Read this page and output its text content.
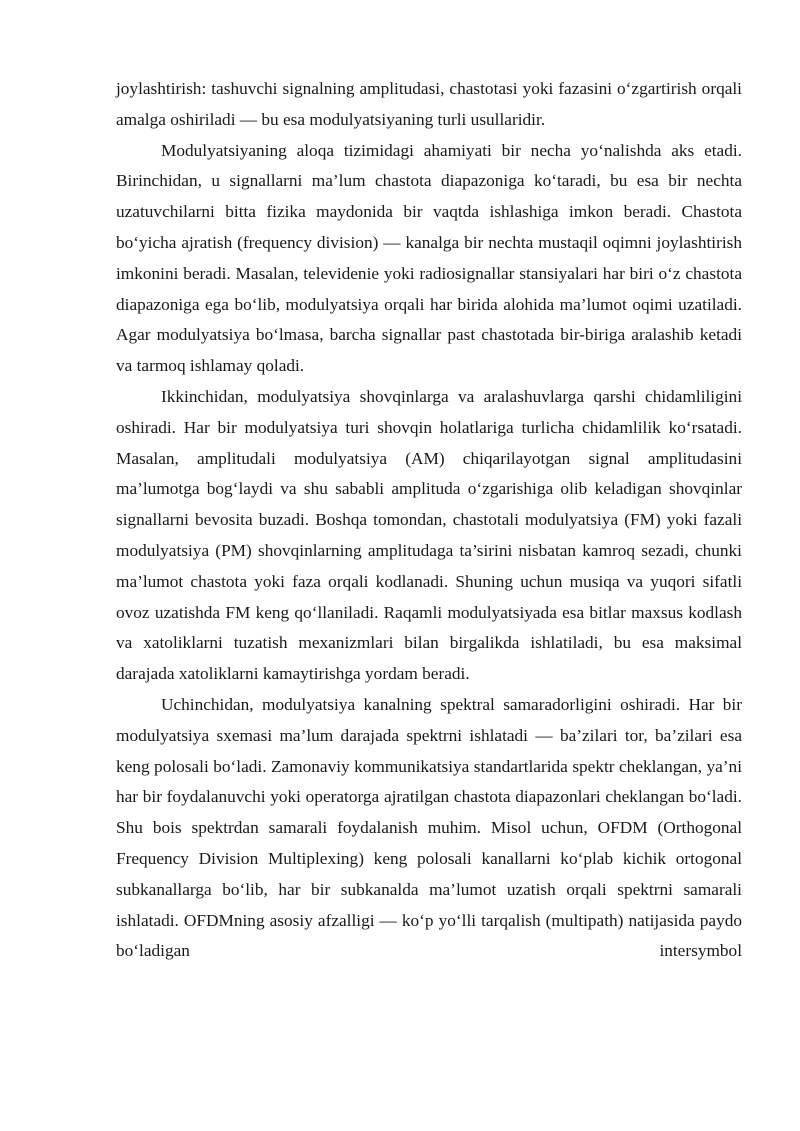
joylashtirish: tashuvchi signalning amplitudasi, chastotasi yoki fazasini o‘zgartirish orqali amalga oshiriladi — bu esa modulyatsiyaning turli usullaridir.

Modulyatsiyaning aloqa tizimidagi ahamiyati bir necha yo‘nalishda aks etadi. Birinchidan, u signallarni ma’lum chastota diapazoniga ko‘taradi, bu esa bir nechta uzatuvchilarni bitta fizika maydonida bir vaqtda ishlashiga imkon beradi. Chastota bo‘yicha ajratish (frequency division) — kanalga bir nechta mustaqil oqimni joylashtirish imkonini beradi. Masalan, televidenie yoki radiosignallar stansiyalari har biri o‘z chastota diapazoniga ega bo‘lib, modulyatsiya orqali har birida alohida ma’lumot oqimi uzatiladi. Agar modulyatsiya bo‘lmasa, barcha signallar past chastotada bir-biriga aralashib ketadi va tarmoq ishlamay qoladi.

Ikkinchidan, modulyatsiya shovqinlarga va aralashuvlarga qarshi chidamliligini oshiradi. Har bir modulyatsiya turi shovqin holatlariga turlicha chidamlilik ko‘rsatadi. Masalan, amplitudali modulyatsiya (AM) chiqarilayotgan signal amplitudasini ma’lumotga bog‘laydi va shu sababli amplituda o‘zgarishiga olib keladigan shovqinlar signallarni bevosita buzadi. Boshqa tomondan, chastotali modulyatsiya (FM) yoki fazali modulyatsiya (PM) shovqinlarning amplitudaga ta’sirini nisbatan kamroq sezadi, chunki ma’lumot chastota yoki faza orqali kodlanadi. Shuning uchun musiqa va yuqori sifatli ovoz uzatishda FM keng qo‘llaniladi. Raqamli modulyatsiyada esa bitlar maxsus kodlash va xatoliklarni tuzatish mexanizmlari bilan birgalikda ishlatiladi, bu esa maksimal darajada xatoliklarni kamaytirishga yordam beradi.

Uchinchidan, modulyatsiya kanalning spektral samaradorligini oshiradi. Har bir modulyatsiya sxemasi ma’lum darajada spektrni ishlatadi — ba’zilari tor, ba’zilari esa keng polosali bo‘ladi. Zamonaviy kommunikatsiya standartlarida spektr cheklangan, ya’ni har bir foydalanuvchi yoki operatorga ajratilgan chastota diapazonlari cheklangan bo‘ladi. Shu bois spektrdan samarali foydalanish muhim. Misol uchun, OFDM (Orthogonal Frequency Division Multiplexing) keng polosali kanallarni ko‘plab kichik ortogonal subkanallarga bo‘lib, har bir subkanalda ma’lumot uzatish orqali spektrni samarali ishlatadi. OFDMning asosiy afzalligi — ko‘p yo‘lli tarqalish (multipath) natijasida paydo bo‘ladigan intersymbol
